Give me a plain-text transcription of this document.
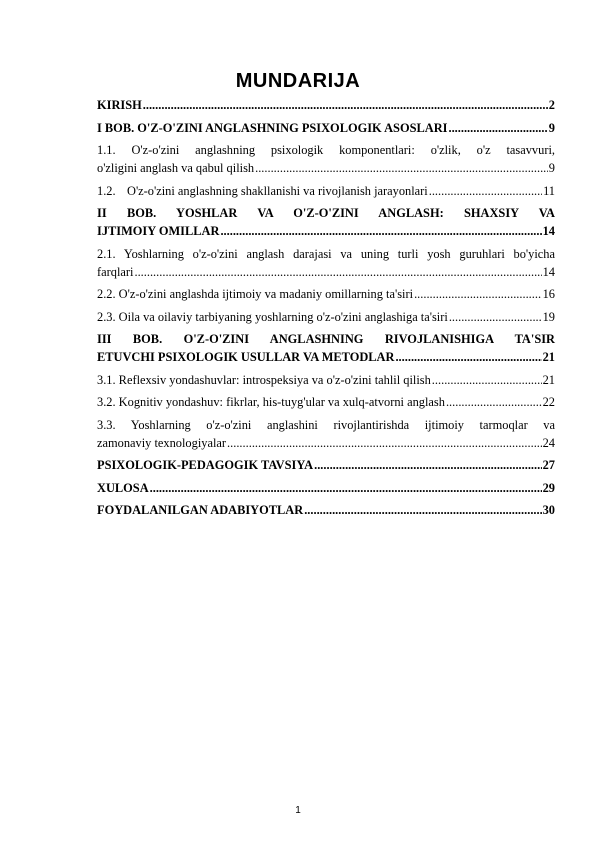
MUNDARIJA
KIRISH .....	2
I BOB. O'Z-O'ZINI ANGLASHNING PSIXOLOGIK ASOSLARI .....	9
1.1. O'z-o'zini anglashning psixologik komponentlari: o'zlik, o'z tasavvuri,
o'zligini anglash va qabul qilish .....	9
1.2. O'z-o'zini anglashning shakllanishi va rivojlanish jarayonlari .....	11
II BOB. YOSHLAR VA O'Z-O'ZINI ANGLASH: SHAXSIY VA
IJTIMOIY OMILLAR .....	14
2.1. Yoshlarning o'z-o'zini anglash darajasi va uning turli yosh guruhlari bo'yicha
farqlari .....	14
2.2. O'z-o'zini anglashda ijtimoiy va madaniy omillarning ta'siri .....	16
2.3. Oila va oilaviy tarbiyaning yoshlarning o'z-o'zini anglashiga ta'siri .....	19
III BOB. O'Z-O'ZINI ANGLASHNING RIVOJLANISHIGA TA'SIR
ETUVCHI PSIXOLOGIK USULLAR VA METODLAR .....	21
3.1. Reflexsiv yondashuvlar: introspeksiya va o'z-o'zini tahlil qilish .....	21
3.2. Kognitiv yondashuv: fikrlar, his-tuyg'ular va xulq-atvorni anglash .....	22
3.3. Yoshlarning o'z-o'zini anglashini rivojlantirishda ijtimoiy tarmoqlar va
zamonaviy texnologiyalar .....	24
PSIXOLOGIK-PEDAGOGIK TAVSIYA .....	27
XULOSA .....	29
FOYDALANILGAN ADABIYOTLAR .....	30
1
